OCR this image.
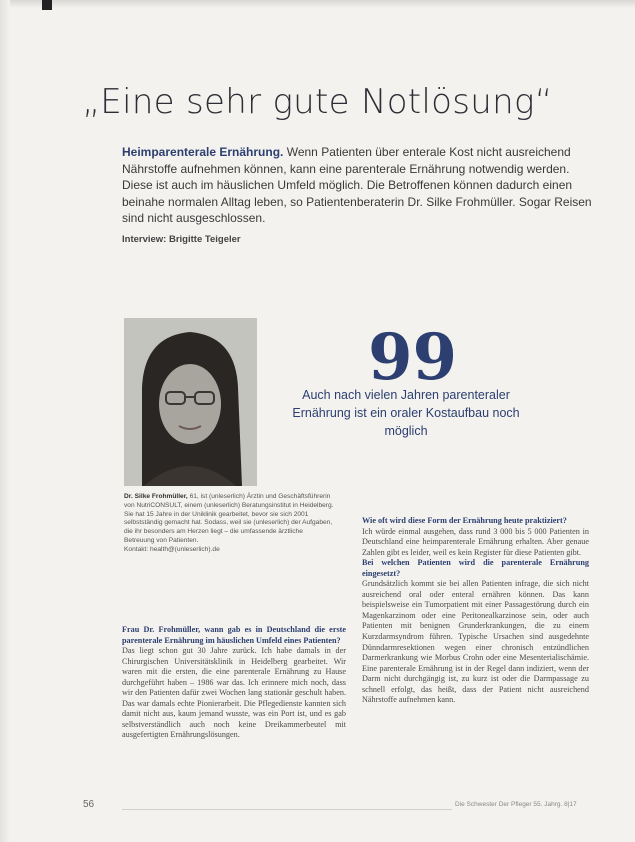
„Eine sehr gute Notlösung“
Heimparenterale Ernährung. Wenn Patienten über enterale Kost nicht ausreichend Nährstoffe aufnehmen können, kann eine parenterale Ernährung notwendig werden. Diese ist auch im häuslichen Umfeld möglich. Die Betroffenen können dadurch einen beinahe normalen Alltag leben, so Patientenberaterin Dr. Silke Frohmüller. Sogar Reisen sind nicht ausgeschlossen.
Interview: Brigitte Teigeler
99
Auch nach vielen Jahren parenteraler Ernährung ist ein oraler Kostaufbau noch möglich
Dr. Silke Frohmüller, 61, ist (unleserlich) Ärztin und Geschäftsführerin von NutriCONSULT, einem (unleserlich) Beratungsinstitut in Heidelberg. Sie hat 15 Jahre in der Uniklinik gearbeitet, bevor sie sich 2001 selbstständig gemacht hat. Sodass, weil sie (unleserlich) der Aufgaben, die ihr besonders am Herzen liegt – die umfassende ärztliche Betreuung von Patienten.
Kontakt: health@(unleserlich).de
Frau Dr. Frohmüller, wann gab es in Deutschland die erste parenterale Ernährung im häuslichen Umfeld eines Patienten?

Das liegt schon gut 30 Jahre zurück. Ich habe damals in der Chirurgischen Universitätsklinik in Heidelberg gearbeitet. Wir waren mit die ersten, die eine parenterale Ernährung zu Hause durchgeführt haben – 1986 war das. Ich erinnere mich noch, dass wir den Patienten dafür zwei Wochen lang stationär geschult haben. Das war damals echte Pionierarbeit. Die Pflegedienste kannten sich damit nicht aus, kaum jemand wusste, was ein Port ist, und es gab selbstverständlich auch noch keine Dreikammerbeutel mit ausgefertigten Ernährungslösungen.

Wie oft wird diese Form der Ernährung heute praktiziert?

Ich würde einmal ausgehen, dass rund 3 000 bis 5 000 Patienten in Deutschland eine heimparenterale Ernährung erhalten. Aber genaue Zahlen gibt es leider, weil es kein Register für diese Patienten gibt.

Bei welchen Patienten wird die parenterale Ernährung eingesetzt?

Grundsätzlich kommt sie bei allen Patienten infrage, die sich nicht ausreichend oral oder enteral ernähren können. Das kann beispielsweise ein Tumorpatient mit einer Passagestörung durch ein Magenkarzinom oder eine Peritonealkarzinose sein, oder auch Patienten mit benignen Grunderkrankungen, die zu einem Kurzdarmsyndrom führen. Typische Ursachen sind ausgedehnte Dünndarmresektionen wegen einer chronisch entzündlichen Darmerkrankung wie Morbus Crohn oder eine Mesenterialischämie. Eine parenterale Ernährung ist in der Regel dann indiziert, wenn der Darm nicht durchgängig ist, zu kurz ist oder die Darmpassage zu schnell erfolgt, das heißt, dass der Patient nicht ausreichend Nährstoffe aufnehmen kann.

56	Die Schwester Der Pfleger 55. Jahrg. 8|17
